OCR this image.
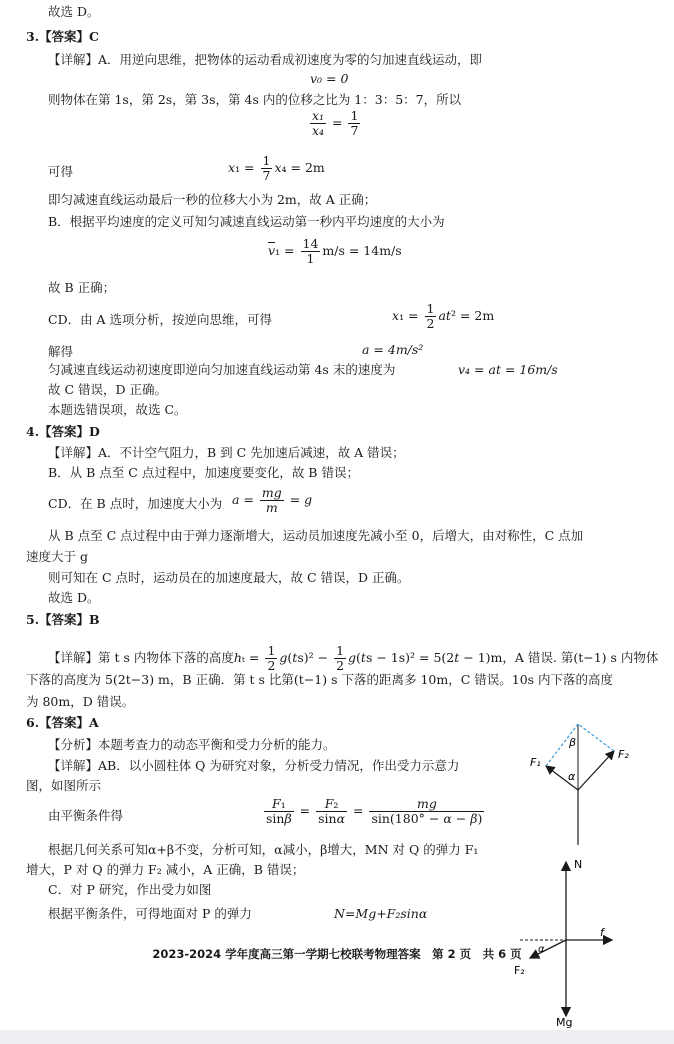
故选 D。
3.【答案】C
【详解】A．用逆向思维，把物体的运动看成初速度为零的匀加速直线运动，即
v₀ = 0
则物体在第 1s，第 2s，第 3s，第 4s 内的位移之比为 1：3：5：7，所以
$\frac{\text{x₁}}{\text{x₄}} = \frac{1}{7}$
可得	$x_1 = \frac{1}{7} x_4 = 2m$
即匀减速直线运动最后一秒的位移大小为 2m，故 A 正确；
B．根据平均速度的定义可知匀减速直线运动第一秒内平均速度的大小为
$\overline{v}_1 = \frac{14}{1} m/s = 14m/s$
故 B 正确；
CD．由 A 选项分析，按逆向思维，可得	$x_1 = \frac{1}{2} at^2 = 2m$
解得	a = 4m/s²
匀减速直线运动初速度即逆向匀加速直线运动第 4s 末的速度为	v₄ = at = 16m/s
故 C 错误，D 正确。
本题选错误项，故选 C。
4.【答案】D
【详解】A．不计空气阻力，B 到 C 先加速后减速，故 A 错误；
B．从 B 点至 C 点过程中，加速度要变化，故 B 错误；
CD．在 B 点时，加速度大小为 $a = \frac{mg}{m} = g$
从 B 点至 C 点过程中由于弹力逐渐增大，运动员加速度先减小至 0，后增大，由对称性，C 点加
速度大于 g
则可知在 C 点时，运动员在的加速度最大，故 C 错误，D 正确。
故选 D。
5.【答案】B
【详解】第 t s 内物体下落的高度$h_t = \frac{1}{2} g(ts)^2 - \frac{1}{2} g(ts - 1s)^2 = 5(2t - 1)m$，A 错误. 第(t−1) s 内物体
下落的高度为 5(2t−3) m，B 正确．第 t s 比第(t−1) s 下落的距离多 10m，C 错误。10s 内下落的高度
为 80m，D 错误。
6.【答案】A
【分析】本题考查力的动态平衡和受力分析的能力。
【详解】AB．以小圆柱体 Q 为研究对象，分析受力情况，作出受力示意力
图，如图所示
由平衡条件得	$\frac{\text{F₁}}{\sin\beta} = \frac{\text{F₂}}{\sin\alpha} = \frac{mg}{\sin(180^\circ - \alpha - \beta)}$
根据几何关系可知α+β不变，分析可知，α减小，β增大，MN 对 Q 的弹力 F₁
增大，P 对 Q 的弹力 F₂ 减小，A 正确，B 错误；
C．对 P 研究，作出受力如图
根据平衡条件，可得地面对 P 的弹力	N=Mg+F₂sinα
2023-2024 学年度高三第一学期七校联考物理答案　第 2 页　共 6 页
β
α
F₁
F₂
N
f
α
F₂
Mg
